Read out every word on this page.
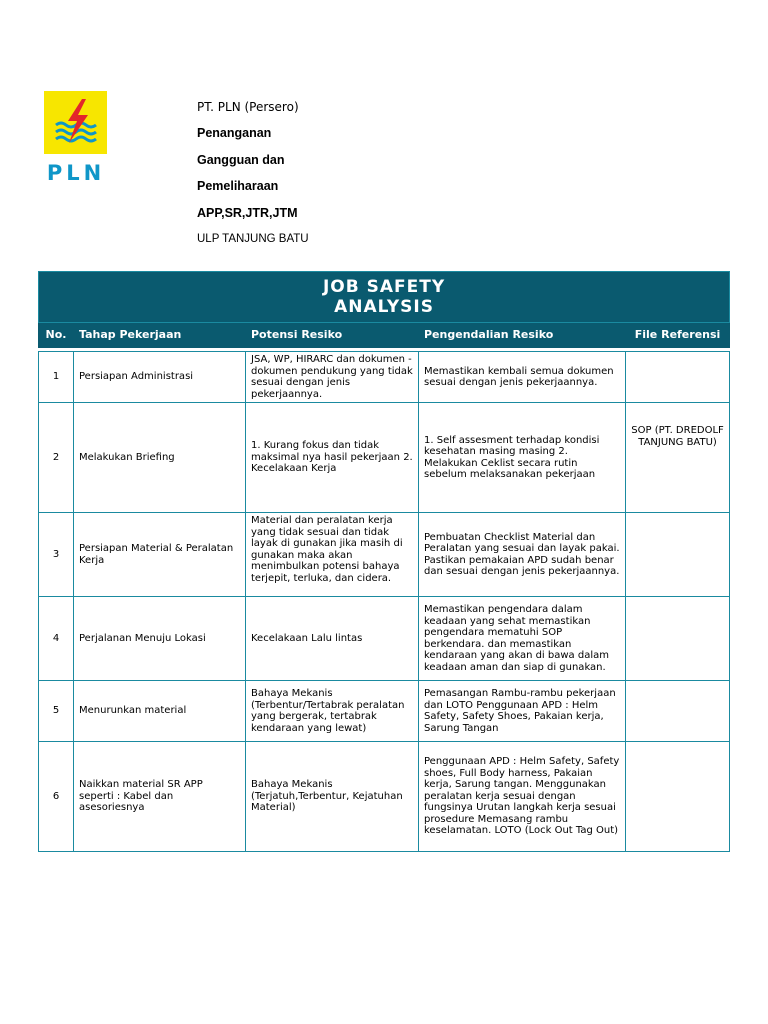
PLN

PT. PLN (Persero)

Penanganan

Gangguan dan

Pemeliharaan

APP,SR,JTR,JTM

ULP TANJUNG BATU

JOB SAFETY ANALYSIS				

No.	Tahap Pekerjaan	Potensi Resiko	Pengendalian Resiko	File Referensi

1	Persiapan Administrasi	JSA, WP, HIRARC dan dokumen - dokumen pendukung yang tidak sesuai dengan jenis pekerjaannya.	Memastikan kembali semua dokumen sesuai dengan jenis pekerjaannya.	
2	Melakukan Briefing	1. Kurang fokus dan tidak maksimal nya hasil pekerjaan 2. Kecelakaan Kerja	1. Self assesment terhadap kondisi kesehatan masing masing 2. Melakukan Ceklist secara rutin sebelum melaksanakan pekerjaan	SOP (PT. DREDOLF TANJUNG BATU)
3	Persiapan Material & Peralatan Kerja	Material dan peralatan kerja yang tidak sesuai dan tidak layak di gunakan jika masih di gunakan maka akan menimbulkan potensi bahaya terjepit, terluka, dan cidera.	Pembuatan Checklist Material dan Peralatan yang sesuai dan layak pakai. Pastikan pemakaian APD sudah benar dan sesuai dengan jenis pekerjaannya.	
4	Perjalanan Menuju Lokasi	Kecelakaan Lalu lintas	Memastikan pengendara dalam keadaan yang sehat memastikan pengendara mematuhi SOP berkendara. dan memastikan kendaraan yang akan di bawa dalam keadaan aman dan siap di gunakan.	
5	Menurunkan material	Bahaya Mekanis (Terbentur/Tertabrak peralatan yang bergerak, tertabrak kendaraan yang lewat)	Pemasangan Rambu-rambu pekerjaan dan LOTO Penggunaan APD : Helm Safety, Safety Shoes, Pakaian kerja, Sarung Tangan	
6	Naikkan material SR APP seperti : Kabel dan asesoriesnya	Bahaya Mekanis (Terjatuh,Terbentur, Kejatuhan Material)	Penggunaan APD : Helm Safety, Safety shoes, Full Body harness, Pakaian kerja, Sarung tangan. Menggunakan peralatan kerja sesuai dengan fungsinya Urutan langkah kerja sesuai prosedure Memasang rambu keselamatan. LOTO (Lock Out Tag Out)	
